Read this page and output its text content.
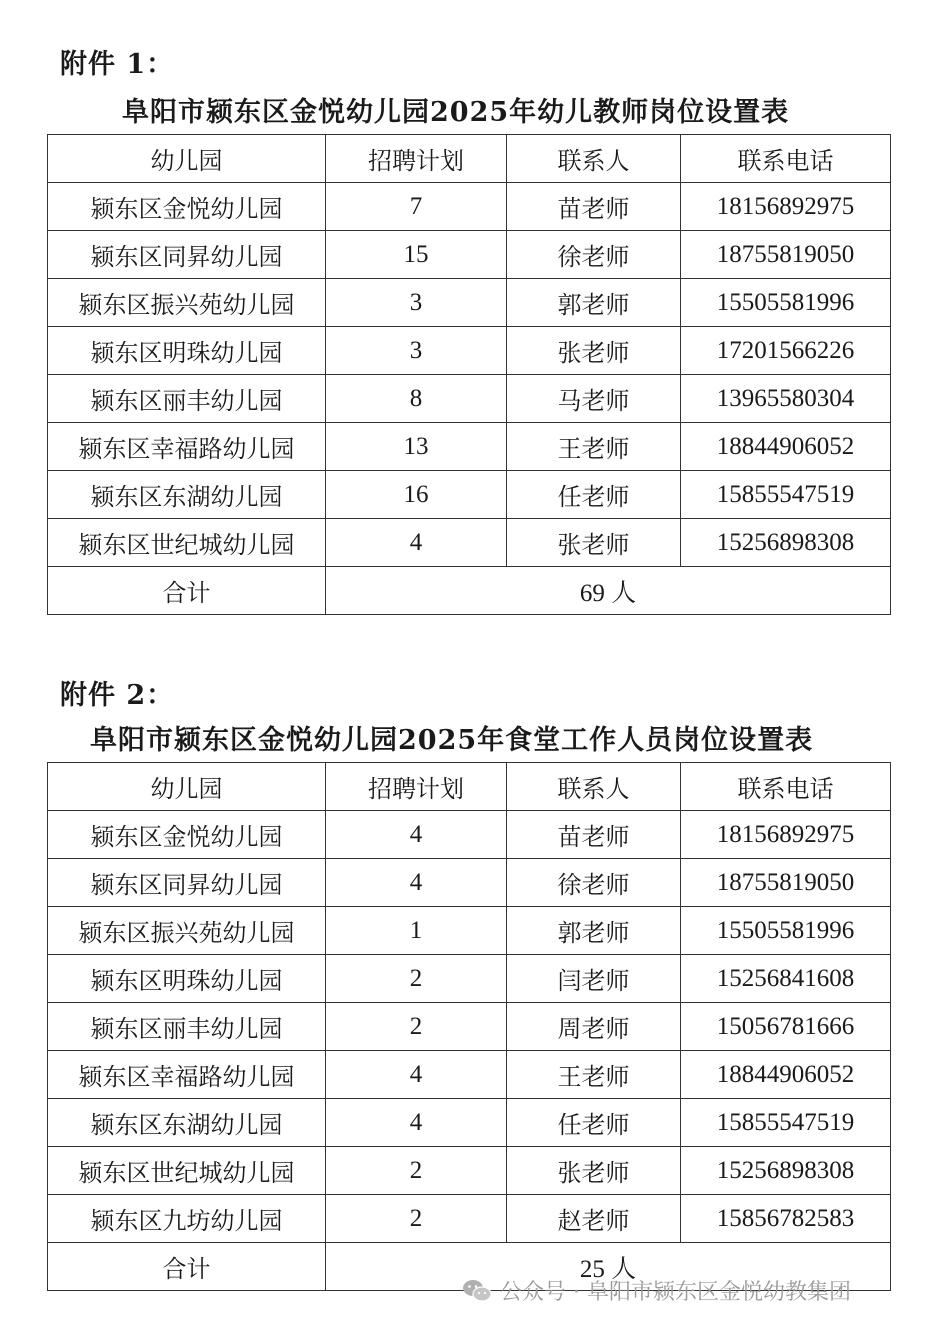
附件 1：
阜阳市颍东区金悦幼儿园2025年幼儿教师岗位设置表
幼儿园	招聘计划	联系人	联系电话
颍东区金悦幼儿园	7	苗老师	18156892975
颍东区同昇幼儿园	15	徐老师	18755819050
颍东区振兴苑幼儿园	3	郭老师	15505581996
颍东区明珠幼儿园	3	张老师	17201566226
颍东区丽丰幼儿园	8	马老师	13965580304
颍东区幸福路幼儿园	13	王老师	18844906052
颍东区东湖幼儿园	16	任老师	15855547519
颍东区世纪城幼儿园	4	张老师	15256898308
合计	69 人		
附件 2：
阜阳市颍东区金悦幼儿园2025年食堂工作人员岗位设置表
幼儿园	招聘计划	联系人	联系电话
颍东区金悦幼儿园	4	苗老师	18156892975
颍东区同昇幼儿园	4	徐老师	18755819050
颍东区振兴苑幼儿园	1	郭老师	15505581996
颍东区明珠幼儿园	2	闫老师	15256841608
颍东区丽丰幼儿园	2	周老师	15056781666
颍东区幸福路幼儿园	4	王老师	18844906052
颍东区东湖幼儿园	4	任老师	15855547519
颍东区世纪城幼儿园	2	张老师	15256898308
颍东区九坊幼儿园	2	赵老师	15856782583
合计	25 人		
公众号 · 阜阳市颍东区金悦幼教集团
